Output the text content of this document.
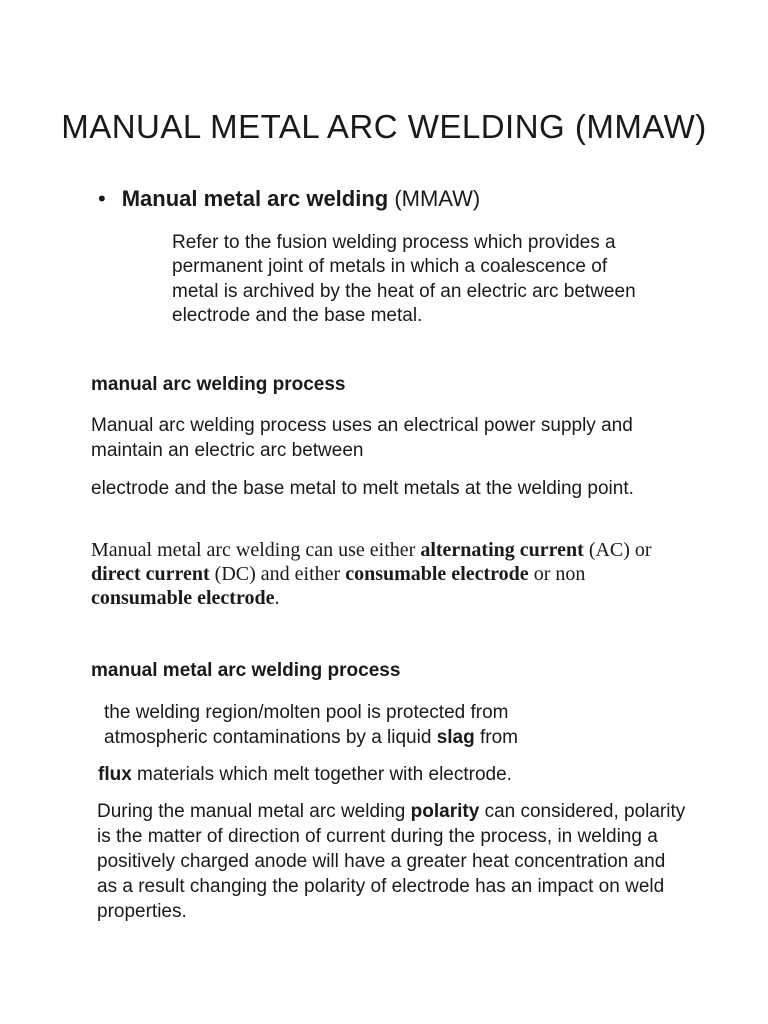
MANUAL METAL ARC WELDING (MMAW)
• Manual metal arc welding (MMAW)

Refer to the fusion welding process which provides a permanent joint of metals in which a coalescence of metal is archived by the heat of an electric arc between electrode and the base metal.

manual arc welding process

Manual arc welding process uses an electrical power supply and maintain an electric arc between

electrode and the base metal to melt metals at the welding point.

Manual metal arc welding can use either alternating current (AC) or direct current (DC) and either consumable electrode or non consumable electrode.

manual metal arc welding process

the welding region/molten pool is protected from atmospheric contaminations by a liquid slag from

flux materials which melt together with electrode.

During the manual metal arc welding polarity can considered, polarity is the matter of direction of current during the process, in welding a positively charged anode will have a greater heat concentration and as a result changing the polarity of electrode has an impact on weld properties.
